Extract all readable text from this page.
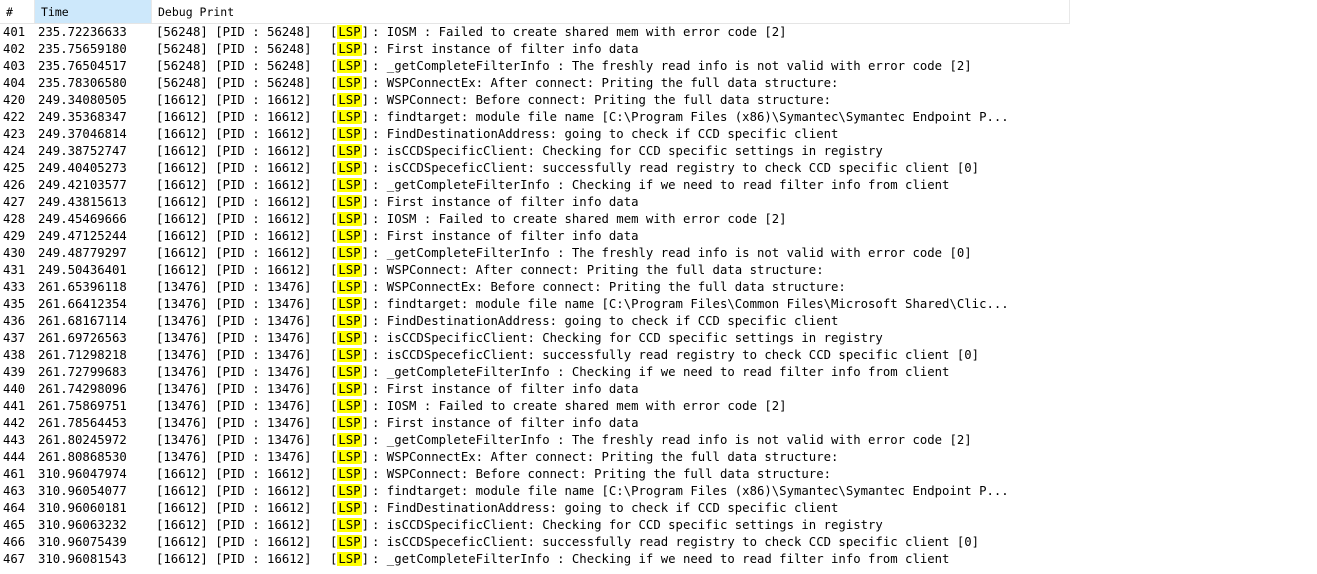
#	Time	Debug Print
401 235.72236633 [56248] [PID : 56248] [LSP] : IOSM : Failed to create shared mem with error code [2]
402 235.75659180 [56248] [PID : 56248] [LSP] : First instance of filter info data
403 235.76504517 [56248] [PID : 56248] [LSP] : _getCompleteFilterInfo : The freshly read info is not valid with error code [2]
404 235.78306580 [56248] [PID : 56248] [LSP] : WSPConnectEx: After connect: Priting the full data structure:
420 249.34080505 [16612] [PID : 16612] [LSP] : WSPConnect: Before connect: Priting the full data structure:
422 249.35368347 [16612] [PID : 16612] [LSP] : findtarget: module file name [C:\Program Files (x86)\Symantec\Symantec Endpoint P...
423 249.37046814 [16612] [PID : 16612] [LSP] : FindDestinationAddress: going to check if CCD specific client
424 249.38752747 [16612] [PID : 16612] [LSP] : isCCDSpecificClient: Checking for CCD specific settings in registry
425 249.40405273 [16612] [PID : 16612] [LSP] : isCCDSpeceficClient: successfully read registry to check CCD specific client [0]
426 249.42103577 [16612] [PID : 16612] [LSP] : _getCompleteFilterInfo : Checking if we need to read filter info from client
427 249.43815613 [16612] [PID : 16612] [LSP] : First instance of filter info data
428 249.45469666 [16612] [PID : 16612] [LSP] : IOSM : Failed to create shared mem with error code [2]
429 249.47125244 [16612] [PID : 16612] [LSP] : First instance of filter info data
430 249.48779297 [16612] [PID : 16612] [LSP] : _getCompleteFilterInfo : The freshly read info is not valid with error code [0]
431 249.50436401 [16612] [PID : 16612] [LSP] : WSPConnect: After connect: Priting the full data structure:
433 261.65396118 [13476] [PID : 13476] [LSP] : WSPConnectEx: Before connect: Priting the full data structure:
435 261.66412354 [13476] [PID : 13476] [LSP] : findtarget: module file name [C:\Program Files\Common Files\Microsoft Shared\Clic...
436 261.68167114 [13476] [PID : 13476] [LSP] : FindDestinationAddress: going to check if CCD specific client
437 261.69726563 [13476] [PID : 13476] [LSP] : isCCDSpecificClient: Checking for CCD specific settings in registry
438 261.71298218 [13476] [PID : 13476] [LSP] : isCCDSpeceficClient: successfully read registry to check CCD specific client [0]
439 261.72799683 [13476] [PID : 13476] [LSP] : _getCompleteFilterInfo : Checking if we need to read filter info from client
440 261.74298096 [13476] [PID : 13476] [LSP] : First instance of filter info data
441 261.75869751 [13476] [PID : 13476] [LSP] : IOSM : Failed to create shared mem with error code [2]
442 261.78564453 [13476] [PID : 13476] [LSP] : First instance of filter info data
443 261.80245972 [13476] [PID : 13476] [LSP] : _getCompleteFilterInfo : The freshly read info is not valid with error code [2]
444 261.80868530 [13476] [PID : 13476] [LSP] : WSPConnectEx: After connect: Priting the full data structure:
461 310.96047974 [16612] [PID : 16612] [LSP] : WSPConnect: Before connect: Priting the full data structure:
463 310.96054077 [16612] [PID : 16612] [LSP] : findtarget: module file name [C:\Program Files (x86)\Symantec\Symantec Endpoint P...
464 310.96060181 [16612] [PID : 16612] [LSP] : FindDestinationAddress: going to check if CCD specific client
465 310.96063232 [16612] [PID : 16612] [LSP] : isCCDSpecificClient: Checking for CCD specific settings in registry
466 310.96075439 [16612] [PID : 16612] [LSP] : isCCDSpeceficClient: successfully read registry to check CCD specific client [0]
467 310.96081543 [16612] [PID : 16612] [LSP] : _getCompleteFilterInfo : Checking if we need to read filter info from client
